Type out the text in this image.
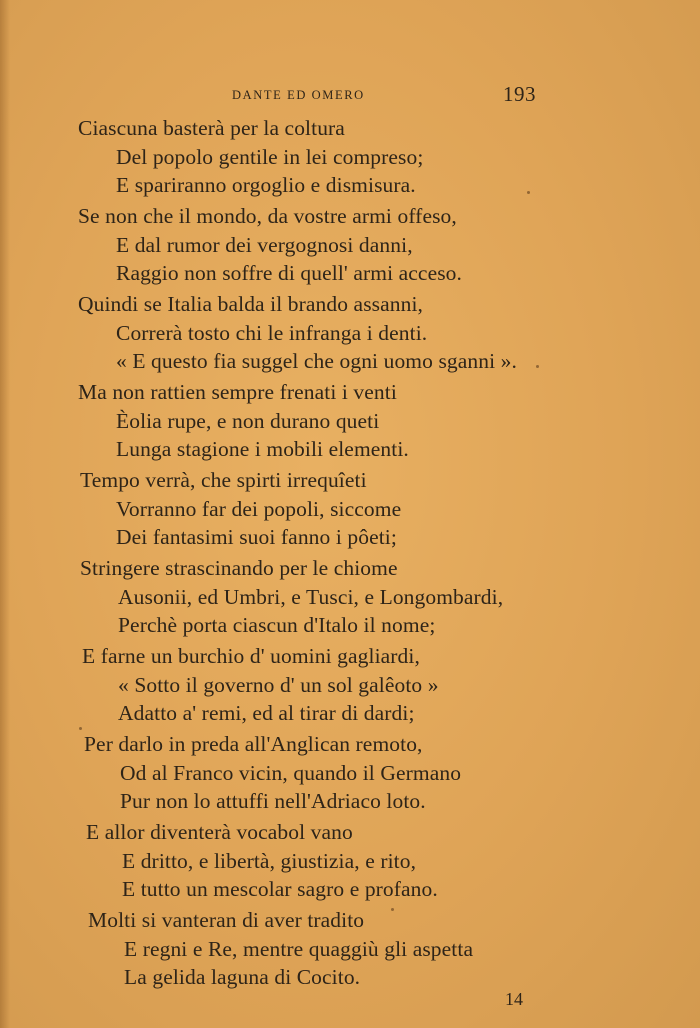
DANTE ED OMERO	193
Ciascuna basterà per la coltura
Del popolo gentile in lei compreso;
E spariranno orgoglio e dismisura.
Se non che il mondo, da vostre armi offeso,
E dal rumor dei vergognosi danni,
Raggio non soffre di quell' armi acceso.
Quindi se Italia balda il brando assanni,
Correrà tosto chi le infranga i denti.
« E questo fia suggel che ogni uomo sganni ».
Ma non rattien sempre frenati i venti
Èolia rupe, e non durano queti
Lunga stagione i mobili elementi.
Tempo verrà, che spirti irrequîeti
Vorranno far dei popoli, siccome
Dei fantasimi suoi fanno i pôeti;
Stringere strascinando per le chiome
Ausonii, ed Umbri, e Tusci, e Longombardi,
Perchè porta ciascun d'Italo il nome;
E farne un burchio d' uomini gagliardi,
« Sotto il governo d' un sol galêoto »
Adatto a' remi, ed al tirar di dardi;
Per darlo in preda all'Anglican remoto,
Od al Franco vicin, quando il Germano
Pur non lo attuffi nell'Adriaco loto.
E allor diventerà vocabol vano
E dritto, e libertà, giustizia, e rito,
E tutto un mescolar sagro e profano.
Molti si vanteran di aver tradito
E regni e Re, mentre quaggiù gli aspetta
La gelida laguna di Cocito.
14
